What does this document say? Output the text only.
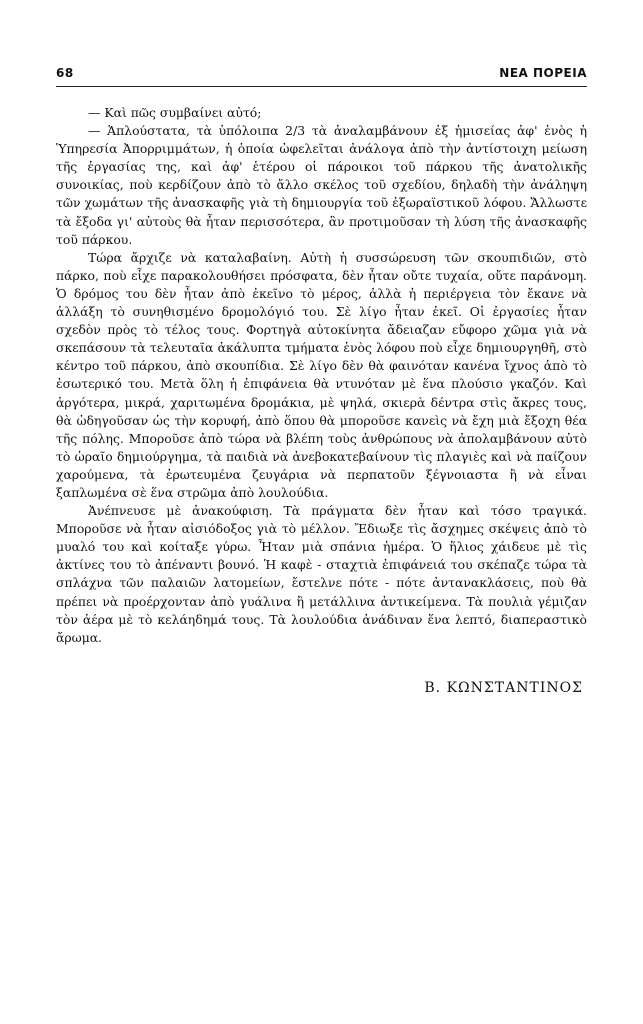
68	ΝΕΑ ΠΟΡΕΙΑ

— Καὶ πῶς συμβαίνει αὐτό;

— Ἁπλούστατα, τὰ ὑπόλοιπα 2/3 τὰ ἀναλαμβάνουν ἐξ ἡμισείας ἀφ' ἑνὸς ἡ Ὑπηρεσία Ἀπορριμμάτων, ἡ ὁποία ὠφελεῖται ἀνάλογα ἀπὸ τὴν ἀντίστοιχη μείωση τῆς ἐργασίας της, καὶ ἀφ' ἑτέρου οἱ πάροικοι τοῦ πάρκου τῆς ἀνατολικῆς συνοικίας, ποὺ κερδίζουν ἀπὸ τὸ ἄλλο σκέλος τοῦ σχεδίου, δηλαδὴ τὴν ἀνάληψη τῶν χωμάτων τῆς ἀνασκαφῆς γιὰ τὴ δημιουργία τοῦ ἐξωραϊστικοῦ λόφου. Ἄλλωστε τὰ ἔξοδα γι' αὐτοὺς θὰ ἦταν περισσότερα, ἂν προτιμοῦσαν τὴ λύση τῆς ἀνασκαφῆς τοῦ πάρκου.

Τώρα ἄρχιζε νὰ καταλαβαίνη. Αὐτὴ ἡ συσσώρευση τῶν σκουπιδιῶν, στὸ πάρκο, ποὺ εἶχε παρακολουθήσει πρόσφατα, δὲν ἦταν οὔτε τυχαία, οὔτε παράνομη. Ὁ δρόμος του δὲν ἦταν ἀπὸ ἐκεῖνο τὸ μέρος, ἀλλὰ ἡ περιέργεια τὸν ἔκανε νὰ ἀλλάξη τὸ συνηθισμένο δρομολόγιό του. Σὲ λίγο ἦταν ἐκεῖ. Οἱ ἐργασίες ἦταν σχεδὸν πρὸς τὸ τέλος τους. Φορτηγὰ αὐτοκίνητα ἄδειαζαν εὔφορο χῶμα γιὰ νὰ σκεπάσουν τὰ τελευταῖα ἀκάλυπτα τμήματα ἑνὸς λόφου ποὺ εἶχε δημιουργηθῆ, στὸ κέντρο τοῦ πάρκου, ἀπὸ σκουπίδια. Σὲ λίγο δὲν θὰ φαινόταν κανένα ἴχνος ἀπὸ τὸ ἐσωτερικό του. Μετὰ ὅλη ἡ ἐπιφάνεια θὰ ντυνόταν μὲ ἕνα πλούσιο γκαζόν. Καὶ ἀργότερα, μικρά, χαριτωμένα δρομάκια, μὲ ψηλά, σκιερὰ δέντρα στὶς ἄκρες τους, θὰ ὡδηγοῦσαν ὡς τὴν κορυφή, ἀπὸ ὅπου θὰ μποροῦσε κανεὶς νὰ ἔχη μιὰ ἔξοχη θέα τῆς πόλης. Μποροῦσε ἀπὸ τώρα νὰ βλέπη τοὺς ἀνθρώπους νὰ ἀπολαμβάνουν αὐτὸ τὸ ὡραῖο δημιούργημα, τὰ παιδιὰ νὰ ἀνεβοκατεβαίνουν τὶς πλαγιὲς καὶ νὰ παίζουν χαρούμενα, τὰ ἐρωτευμένα ζευγάρια νὰ περπατοῦν ξέγνοιαστα ἢ νὰ εἶναι ξαπλωμένα σὲ ἕνα στρῶμα ἀπὸ λουλούδια.

Ἀνέπνευσε μὲ ἀνακούφιση. Τὰ πράγματα δὲν ἦταν καὶ τόσο τραγικά. Μποροῦσε νὰ ἦταν αἰσιόδοξος γιὰ τὸ μέλλον. Ἔδιωξε τὶς ἄσχημες σκέψεις ἀπὸ τὸ μυαλό του καὶ κοίταξε γύρω. Ἦταν μιὰ σπάνια ἡμέρα. Ὁ ἥλιος χάιδευε μὲ τὶς ἀκτίνες του τὸ ἀπέναντι βουνό. Ἡ καφὲ - σταχτιὰ ἐπιφάνειά του σκέπαζε τώρα τὰ σπλάχνα τῶν παλαιῶν λατομείων, ἔστελνε πότε - πότε ἀντανακλάσεις, ποὺ θὰ πρέπει νὰ προέρχονταν ἀπὸ γυάλινα ἢ μετάλλινα ἀντικείμενα. Τὰ πουλιὰ γέμιζαν τὸν ἀέρα μὲ τὸ κελάηδημά τους. Τὰ λουλούδια ἀνάδιναν ἕνα λεπτό, διαπεραστικὸ ἄρωμα.

Β. ΚΩΝΣΤΑΝΤΙΝΟΣ
